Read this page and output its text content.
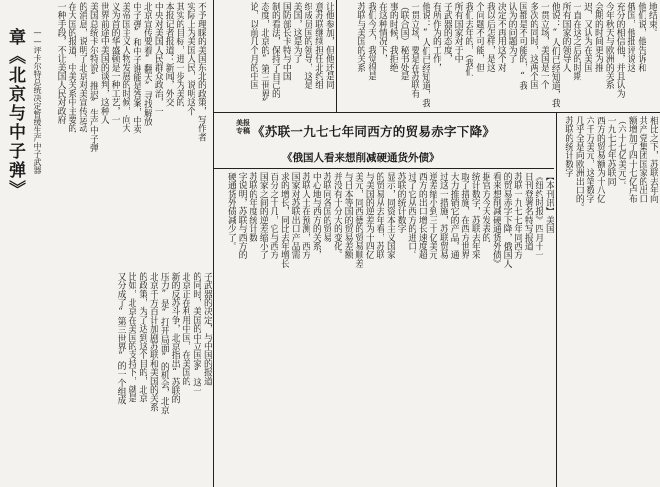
章《北京与中子弹》	——评卡尔特总统决定暂缓生产中子武器	不予理睬的美国东北的政策，写作者
实际上为美国人民，说明这个
其实的目标，进一步为美的
本报记者报道：新闻，外交
中央对美国人民群众政治，一
北京宣传要着“翻天”寻找解放
中子弹”和中子谁能是答案，中卖
美帝国主义人物发展的时候，向大
义为首的华盛顿是一种工艺，一
世界前途中美国的谈判，这种人
美国总统卡尔特说“推迟”生产中子弹
的消息，说明了北京对美宣传运动
在大国的报道，中美关系中主要的
一种手段，不让美国人民对政府
子武器的决定，与中国的报道
的同时，美国的中立国家“这一
北京正在利用中国，在美国的
新的反苏斗争，北京指出“苏联的
压力”是“打开局面”的机会，北京
北京千方百计加剧苏联和美国的关系
的政策，为了达到这个目的，北京
比如，北京在美国的支持下，就是
又分成了“第三世界”的一个组成
让他参加，但他还是同
意苏联继续担任北约组
织成员国的领导，这是
美国，这是为了
国防部长卡特与中国
制的看法，保持了自己的
态度，北京的“第三世界”
论，以前几个月的中国	地结束。
他们说，他告诉和
俄国，他批评说这
充分的相信他，并且认为
今年秋天与欧洲的关系
会期的时间更为推
迟，又认为在美国
一直在这之后的时期
所有国家的领导人
他说：“人们已经知道，我
一贯立场，美国是一个
多次的同时，这两个国
国都是不可能的，“我
认为的问题为了
决定不再用这个对
我以后怎样，是这
个问题不可能，但
我们去年的，（我们
所有国家对于中
子武器的态度，
有所作为的工作，
他说：“人们已经知道，我
一贯立场，要是在苏联有
（联合国）秘书处是
事的时候，我拒绝
在这种情况下，
我们今天，我觉得是
苏联与美国的关系
美报专稿 《苏联一九七七年同西方的贸易赤字下降》
《俄国人看来想削减硬通货外债》
【本刊讯】美国
《纽约时报》四月十一
日刊登署名特写报道
苏联一九七七年同西方
的贸易赤字下降，俄国人
看来想削减硬通货外债》
据官方今天发表的
统计数字，苏联去年采
取了措施，在西方世界
大力推销它的产品，通
过这一措施，苏联贸易
逆差缩小到三十亿美元
西方的出口增长速度超
过了它从西方的进口。
苏联的统计数字
显示，同资本主义国家
的贸易从去年看，苏联
与美国的逆差为十四亿
美元，同西德的贸易顺差
与日本等国的贸易差额
并没有十分大的变化。
苏联同各国的贸易
中心地与西方的关系，
苏联人士在预测，西方
国家对苏联出口产品需
求的增长，同比去年增长
百分之十几，它与西方
国家之间的逆差缩小了
苏联的年度统计数
字说明，苏联与西方的
硬通货外债减少了。
相比之下，苏联去年向
共产党集团国家的出口
额增加了四十七亿卢布
（六十七亿美元）。
一九七七年苏联同
西方的贸易额为十八亿
六千万美元，这笔数字
几乎全是向欧洲出口的。
苏联的统计数字
